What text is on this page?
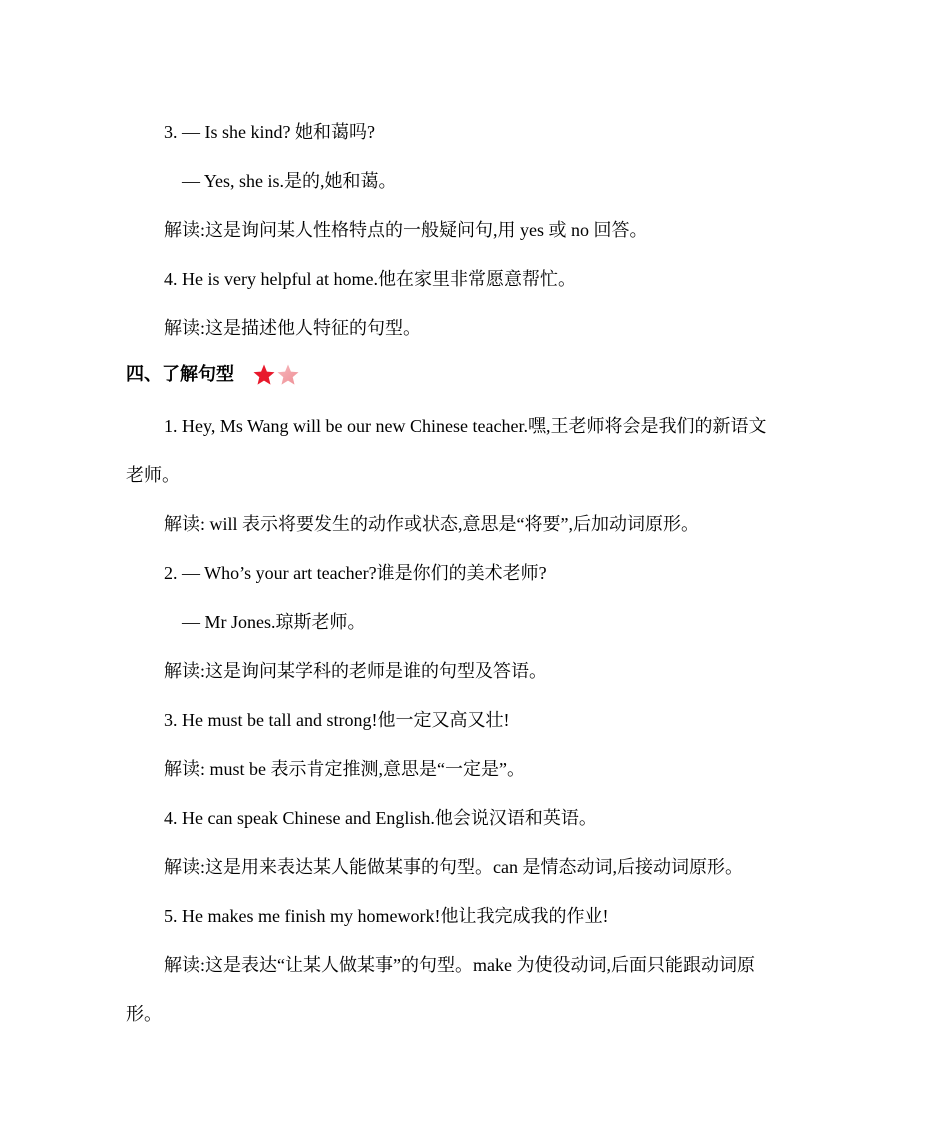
3. — Is she kind? 她和蔼吗?
— Yes, she is.是的,她和蔼。
解读:这是询问某人性格特点的一般疑问句,用 yes 或 no 回答。
4. He is very helpful at home.他在家里非常愿意帮忙。
解读:这是描述他人特征的句型。
四、了解句型
1. Hey, Ms Wang will be our new Chinese teacher.嘿,王老师将会是我们的新语文
老师。
解读: will 表示将要发生的动作或状态,意思是“将要”,后加动词原形。
2. — Who’s your art teacher?谁是你们的美术老师?
— Mr Jones.琼斯老师。
解读:这是询问某学科的老师是谁的句型及答语。
3. He must be tall and strong!他一定又高又壮!
解读: must be 表示肯定推测,意思是“一定是”。
4. He can speak Chinese and English.他会说汉语和英语。
解读:这是用来表达某人能做某事的句型。can 是情态动词,后接动词原形。
5. He makes me finish my homework!他让我完成我的作业!
解读:这是表达“让某人做某事”的句型。make 为使役动词,后面只能跟动词原
形。
